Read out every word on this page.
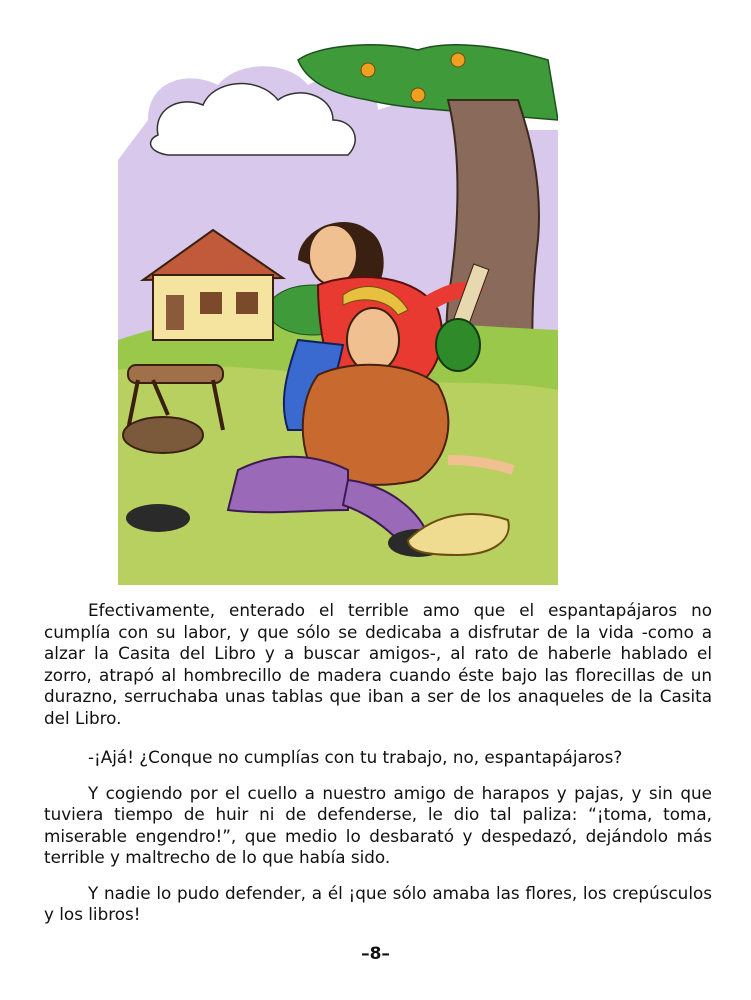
Efectivamente, enterado el terrible amo que el espantapájaros no cumplía con su labor, y que sólo se dedicaba a disfrutar de la vida -como a alzar la Casita del Libro y a buscar amigos-, al rato de haberle hablado el zorro, atrapó al hombrecillo de madera cuando éste bajo las florecillas de un durazno, serruchaba unas tablas que iban a ser de los anaqueles de la Casita del Libro.

-¡Ajá! ¿Conque no cumplías con tu trabajo, no, espantapájaros?

Y cogiendo por el cuello a nuestro amigo de harapos y pajas, y sin que tuviera tiempo de huir ni de defenderse, le dio tal paliza: “¡toma, toma, miserable engendro!”, que medio lo desbarató y despedazó, dejándolo más terrible y maltrecho de lo que había sido.

Y nadie lo pudo defender, a él ¡que sólo amaba las flores, los crepúsculos y los libros!

–8–
